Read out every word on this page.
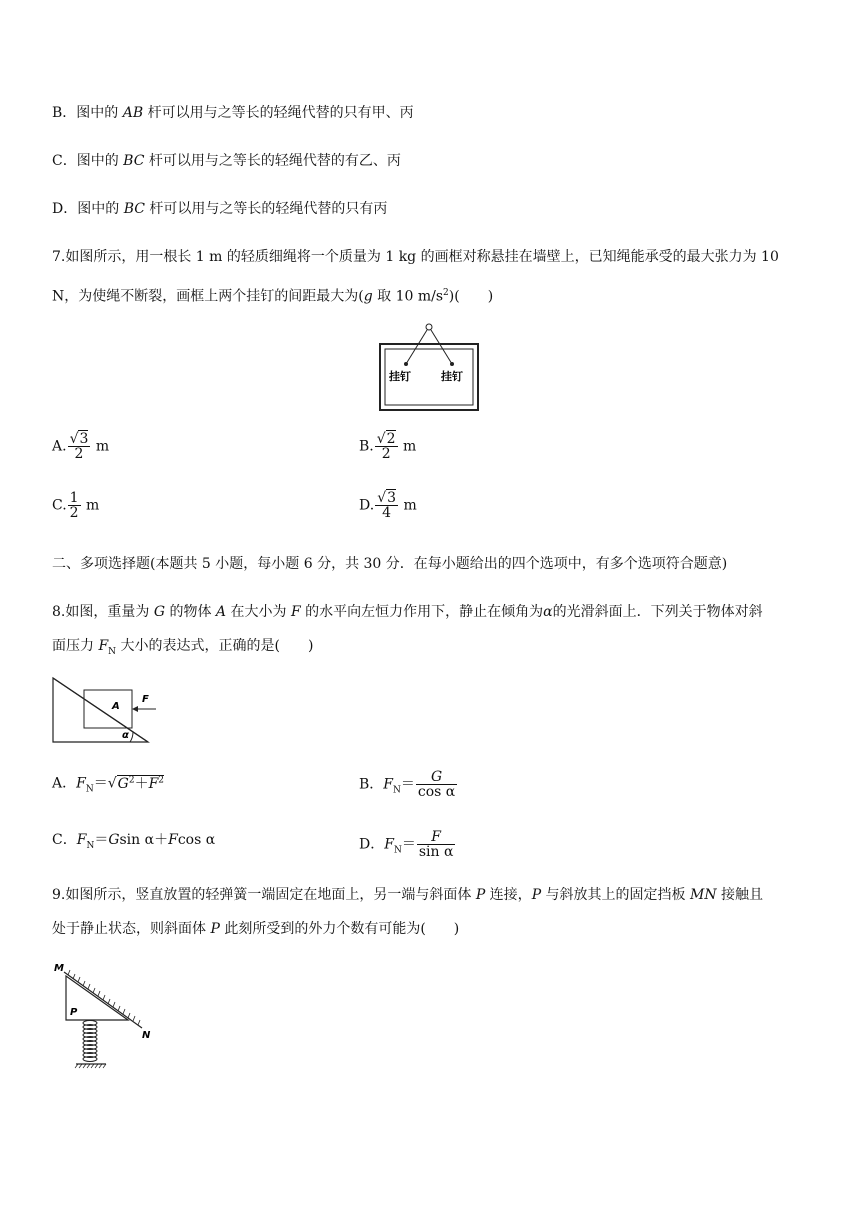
B．图中的 AB 杆可以用与之等长的轻绳代替的只有甲、丙
C．图中的 BC 杆可以用与之等长的轻绳代替的有乙、丙
D．图中的 BC 杆可以用与之等长的轻绳代替的只有丙
7.如图所示，用一根长 1 m 的轻质细绳将一个质量为 1 kg 的画框对称悬挂在墙壁上，已知绳能承受的最大张力为 10
N，为使绳不断裂，画框上两个挂钉的间距最大为(g 取 10 $m/s^2$)(　　)
挂钉	挂钉
A. $\frac{√3}{2}$ m	B. $\frac{√2}{2}$ m
C. $\frac{1}{2}$ m	D. $\frac{√3}{4}$ m
二、多项选择题(本题共 5 小题，每小题 6 分，共 30 分．在每小题给出的四个选项中，有多个选项符合题意)
8.如图，重量为 G 的物体 A 在大小为 F 的水平向左恒力作用下，静止在倾角为α的光滑斜面上．下列关于物体对斜
面压力 $F_N$ 大小的表达式，正确的是(　　)
A
F
α
A．$F_N=√G^2+F^2$	B．$F_N= \frac{G}{\text{cos α}}$
C．$F_N=Gsin$ α＋Fcos α	D．$F_N= \frac{F}{\text{sin α}}$
9.如图所示，竖直放置的轻弹簧一端固定在地面上，另一端与斜面体 P 连接，P 与斜放其上的固定挡板 MN 接触且
处于静止状态，则斜面体 P 此刻所受到的外力个数有可能为(　　)
M
N
P
